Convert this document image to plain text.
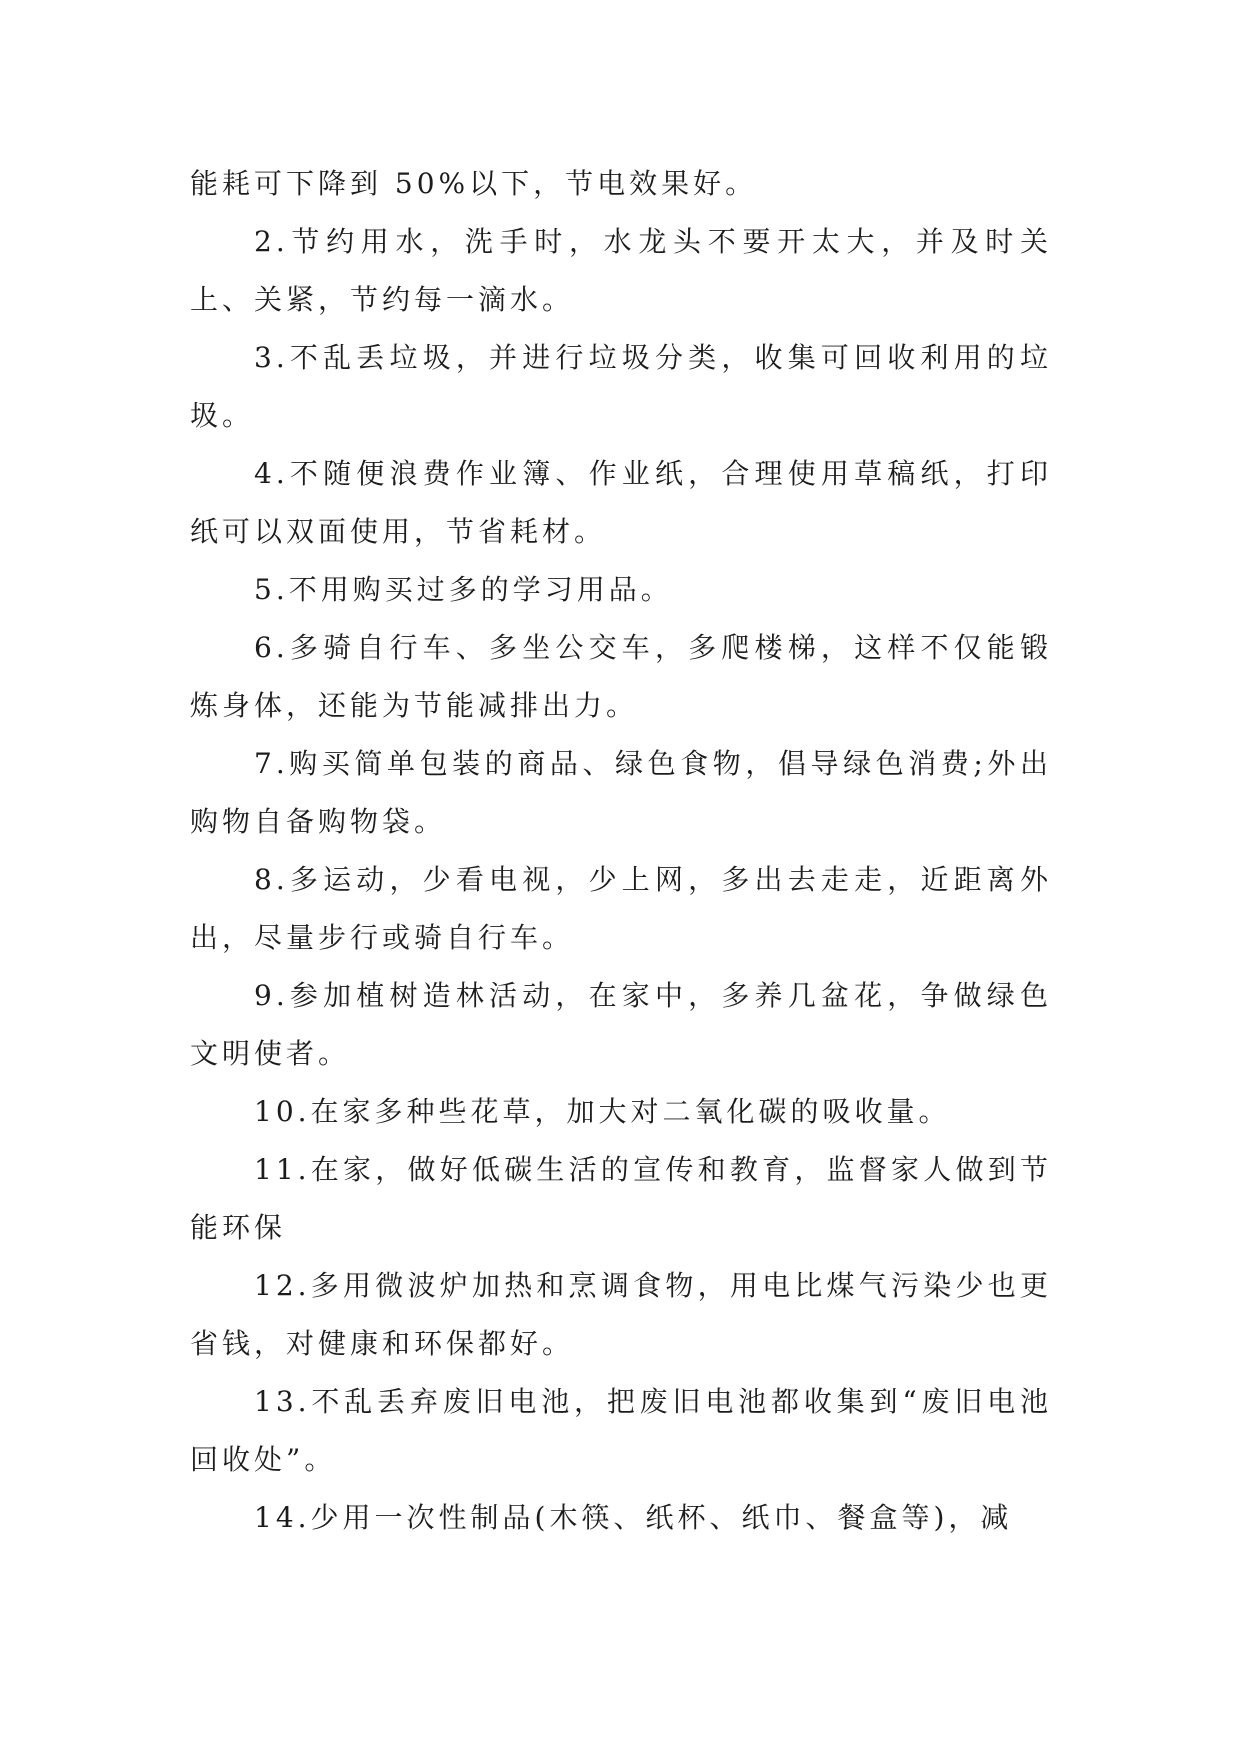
能耗可下降到 50%以下，节电效果好。

2.节约用水，洗手时，水龙头不要开太大，并及时关上、关紧，节约每一滴水。

3.不乱丢垃圾，并进行垃圾分类，收集可回收利用的垃圾。

4.不随便浪费作业簿、作业纸，合理使用草稿纸，打印纸可以双面使用，节省耗材。

5.不用购买过多的学习用品。

6.多骑自行车、多坐公交车，多爬楼梯，这样不仅能锻炼身体，还能为节能减排出力。

7.购买简单包装的商品、绿色食物，倡导绿色消费;外出购物自备购物袋。

8.多运动，少看电视，少上网，多出去走走，近距离外出，尽量步行或骑自行车。

9.参加植树造林活动，在家中，多养几盆花，争做绿色文明使者。

10.在家多种些花草，加大对二氧化碳的吸收量。

11.在家，做好低碳生活的宣传和教育，监督家人做到节能环保

12.多用微波炉加热和烹调食物，用电比煤气污染少也更省钱，对健康和环保都好。

13.不乱丢弃废旧电池，把废旧电池都收集到“废旧电池回收处”。

14.少用一次性制品(木筷、纸杯、纸巾、餐盒等)，减
